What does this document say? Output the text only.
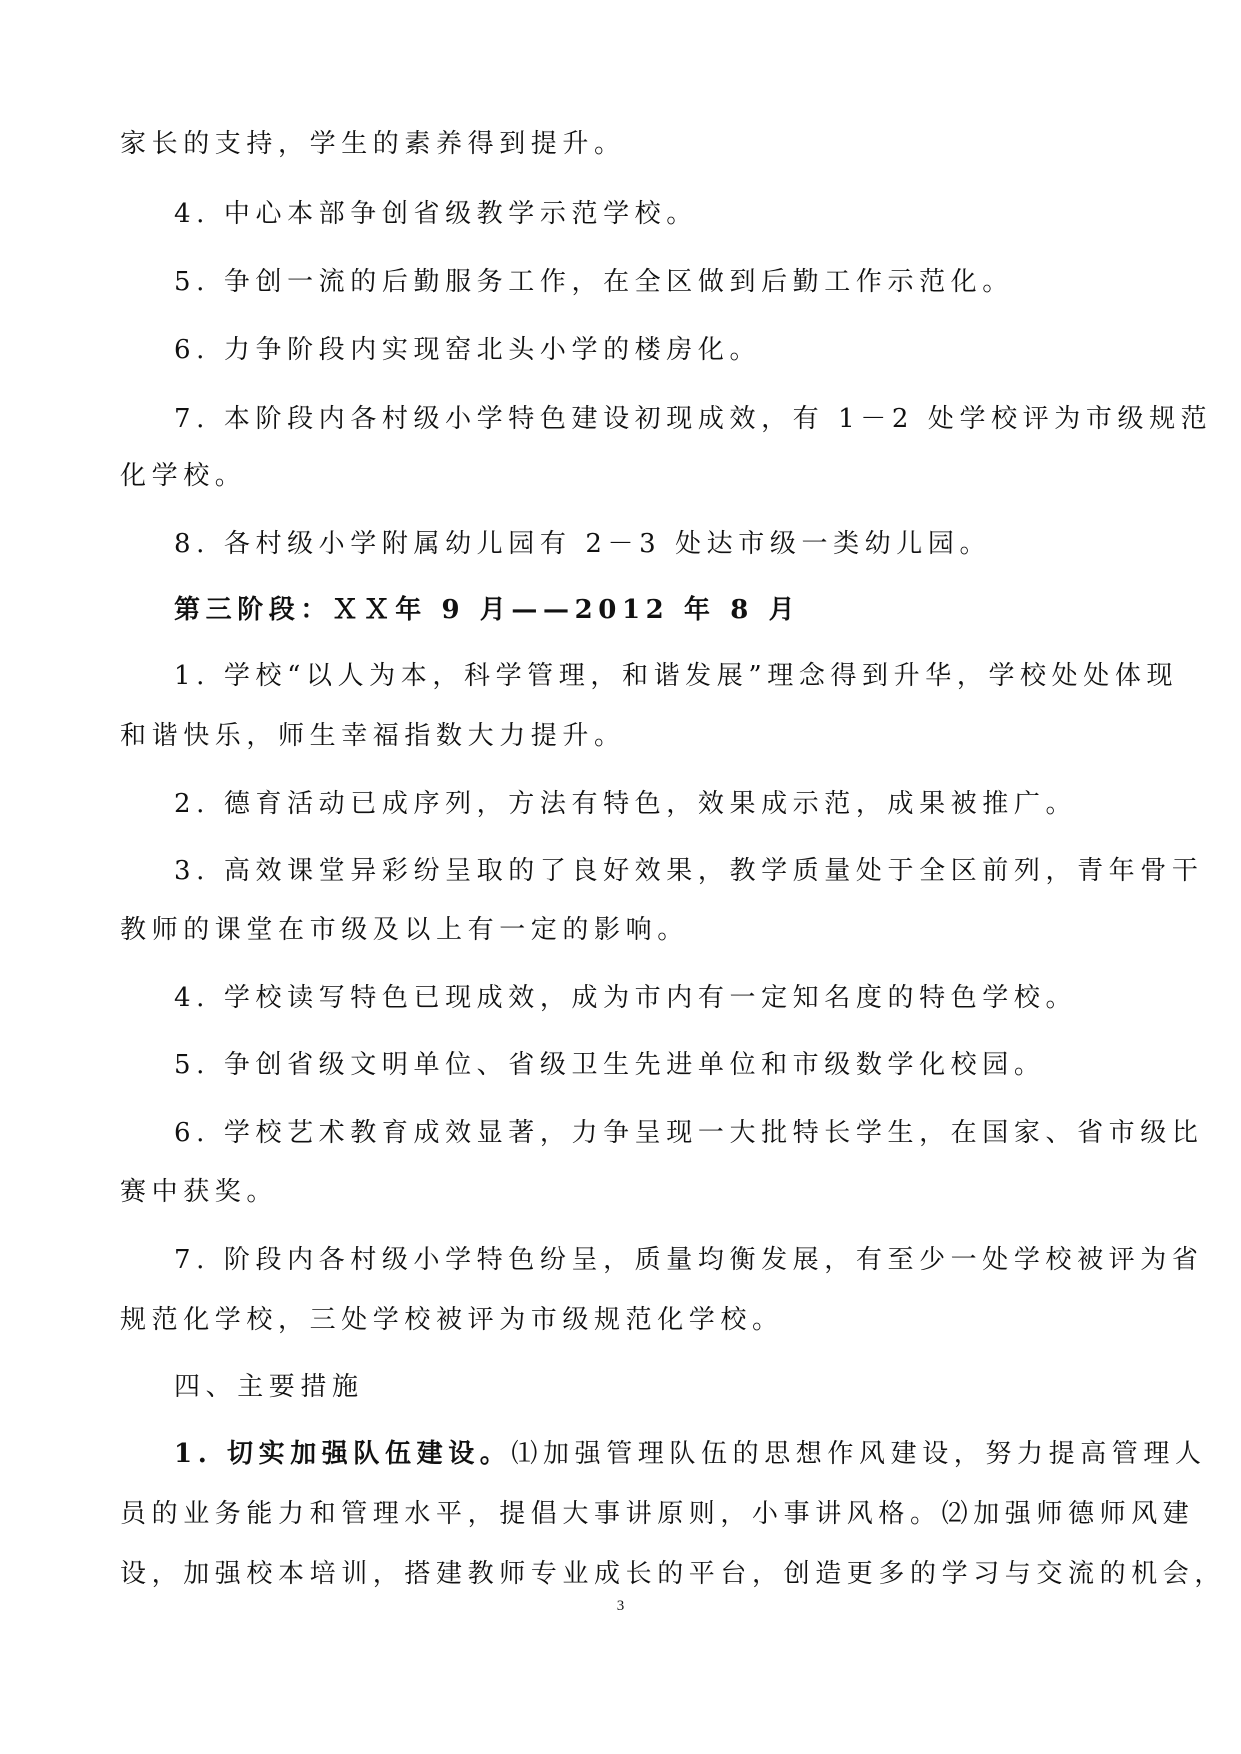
家长的支持，学生的素养得到提升。
4. 中心本部争创省级教学示范学校。
5. 争创一流的后勤服务工作，在全区做到后勤工作示范化。
6. 力争阶段内实现窑北头小学的楼房化。
7. 本阶段内各村级小学特色建设初现成效，有 1－2 处学校评为市级规范
化学校。
8. 各村级小学附属幼儿园有 2－3 处达市级一类幼儿园。
第三阶段：ＸＸ年 9 月——2012 年 8 月
1. 学校“以人为本，科学管理，和谐发展”理念得到升华，学校处处体现
和谐快乐，师生幸福指数大力提升。
2. 德育活动已成序列，方法有特色，效果成示范，成果被推广。
3. 高效课堂异彩纷呈取的了良好效果，教学质量处于全区前列，青年骨干
教师的课堂在市级及以上有一定的影响。
4. 学校读写特色已现成效，成为市内有一定知名度的特色学校。
5. 争创省级文明单位、省级卫生先进单位和市级数学化校园。
6. 学校艺术教育成效显著，力争呈现一大批特长学生，在国家、省市级比
赛中获奖。
7. 阶段内各村级小学特色纷呈，质量均衡发展，有至少一处学校被评为省
规范化学校，三处学校被评为市级规范化学校。
四、主要措施
1. 切实加强队伍建设。⑴加强管理队伍的思想作风建设，努力提高管理人
员的业务能力和管理水平，提倡大事讲原则，小事讲风格。⑵加强师德师风建
设，加强校本培训，搭建教师专业成长的平台，创造更多的学习与交流的机会，
3
